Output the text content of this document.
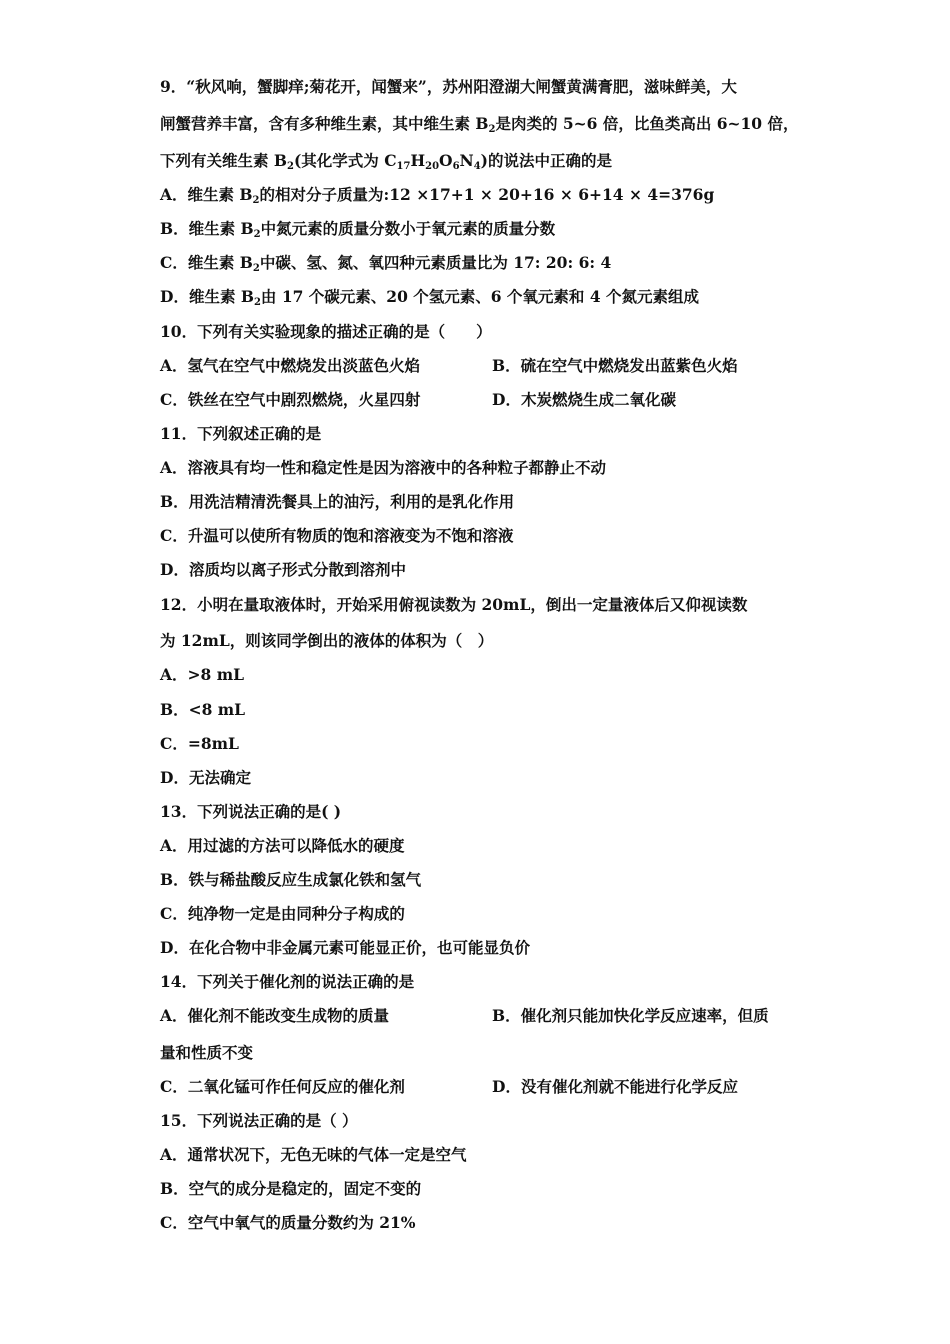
9．“秋风响，蟹脚痒;菊花开，闻蟹来”，苏州阳澄湖大闸蟹黄满膏肥，滋味鲜美，大
闸蟹营养丰富，含有多种维生素，其中维生素 $B_2$是肉类的 5~6 倍，比鱼类高出 6~10 倍，
下列有关维生素 $B_2$(其化学式为 $C_{17}H_{20}O_6N_4$)的说法中正确的是
A．维生素 $B_2$的相对分子质量为:12 ×17+1 × 20+16 × 6+14 × 4=376g
B．维生素 $B_2$中氮元素的质量分数小于氧元素的质量分数
C．维生素 $B_2$中碳、氢、氮、氧四种元素质量比为 17: 20: 6: 4
D．维生素 $B_2$由 17 个碳元素、20 个氢元素、6 个氧元素和 4 个氮元素组成
10．下列有关实验现象的描述正确的是（　　）
A．氢气在空气中燃烧发出淡蓝色火焰	B．硫在空气中燃烧发出蓝紫色火焰
C．铁丝在空气中剧烈燃烧，火星四射	D．木炭燃烧生成二氧化碳
11．下列叙述正确的是
A．溶液具有均一性和稳定性是因为溶液中的各种粒子都静止不动
B．用洗洁精清洗餐具上的油污，利用的是乳化作用
C．升温可以使所有物质的饱和溶液变为不饱和溶液
D．溶质均以离子形式分散到溶剂中
12．小明在量取液体时，开始采用俯视读数为 20mL，倒出一定量液体后又仰视读数
为 12mL，则该同学倒出的液体的体积为（　）
A．>8 mL
B．<8 mL
C．=8mL
D．无法确定
13．下列说法正确的是( )
A．用过滤的方法可以降低水的硬度
B．铁与稀盐酸反应生成氯化铁和氢气
C．纯净物一定是由同种分子构成的
D．在化合物中非金属元素可能显正价，也可能显负价
14．下列关于催化剂的说法正确的是
A．催化剂不能改变生成物的质量	B．催化剂只能加快化学反应速率，但质
量和性质不变
C．二氧化锰可作任何反应的催化剂	D．没有催化剂就不能进行化学反应
15．下列说法正确的是（ ）
A．通常状况下，无色无味的气体一定是空气
B．空气的成分是稳定的，固定不变的
C．空气中氧气的质量分数约为 21%
